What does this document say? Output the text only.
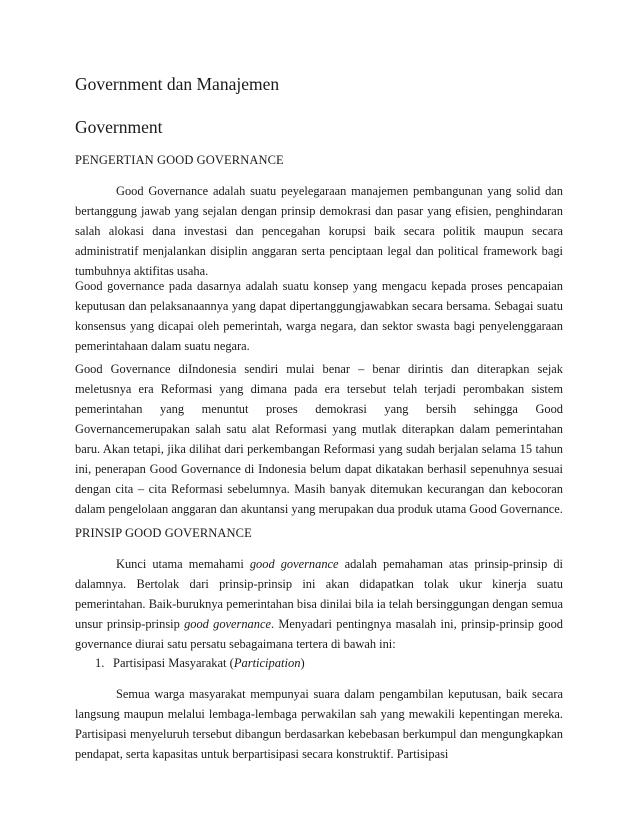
Government dan Manajemen

Government

PENGERTIAN GOOD GOVERNANCE

Good Governance adalah suatu peyelegaraan manajemen pembangunan yang solid dan bertanggung jawab yang sejalan dengan prinsip demokrasi dan pasar yang efisien, penghindaran salah alokasi dana investasi dan pencegahan korupsi baik secara politik maupun secara administratif menjalankan disiplin anggaran serta penciptaan legal dan political framework bagi tumbuhnya aktifitas usaha.

Good governance pada dasarnya adalah suatu konsep yang mengacu kepada proses pencapaian keputusan dan pelaksanaannya yang dapat dipertanggungjawabkan secara bersama. Sebagai suatu konsensus yang dicapai oleh pemerintah, warga negara, dan sektor swasta bagi penyelenggaraan pemerintahaan dalam suatu negara.

Good Governance diIndonesia sendiri mulai benar – benar dirintis dan diterapkan sejak meletusnya era Reformasi yang dimana pada era tersebut telah terjadi perombakan sistem pemerintahan yang menuntut proses demokrasi yang bersih sehingga Good Governancemerupakan salah satu alat Reformasi yang mutlak diterapkan dalam pemerintahan baru. Akan tetapi, jika dilihat dari perkembangan Reformasi yang sudah berjalan selama 15 tahun ini, penerapan Good Governance di Indonesia belum dapat dikatakan berhasil sepenuhnya sesuai dengan cita – cita Reformasi sebelumnya. Masih banyak ditemukan kecurangan dan kebocoran dalam pengelolaan anggaran dan akuntansi yang merupakan dua produk utama Good Governance.

PRINSIP GOOD GOVERNANCE

Kunci utama memahami good governance adalah pemahaman atas prinsip-prinsip di dalamnya. Bertolak dari prinsip-prinsip ini akan didapatkan tolak ukur kinerja suatu pemerintahan. Baik-buruknya pemerintahan bisa dinilai bila ia telah bersinggungan dengan semua unsur prinsip-prinsip good governance. Menyadari pentingnya masalah ini, prinsip-prinsip good governance diurai satu persatu sebagaimana tertera di bawah ini:

1. Partisipasi Masyarakat (Participation)

Semua warga masyarakat mempunyai suara dalam pengambilan keputusan, baik secara langsung maupun melalui lembaga-lembaga perwakilan sah yang mewakili kepentingan mereka. Partisipasi menyeluruh tersebut dibangun berdasarkan kebebasan berkumpul dan mengungkapkan pendapat, serta kapasitas untuk berpartisipasi secara konstruktif. Partisipasi
